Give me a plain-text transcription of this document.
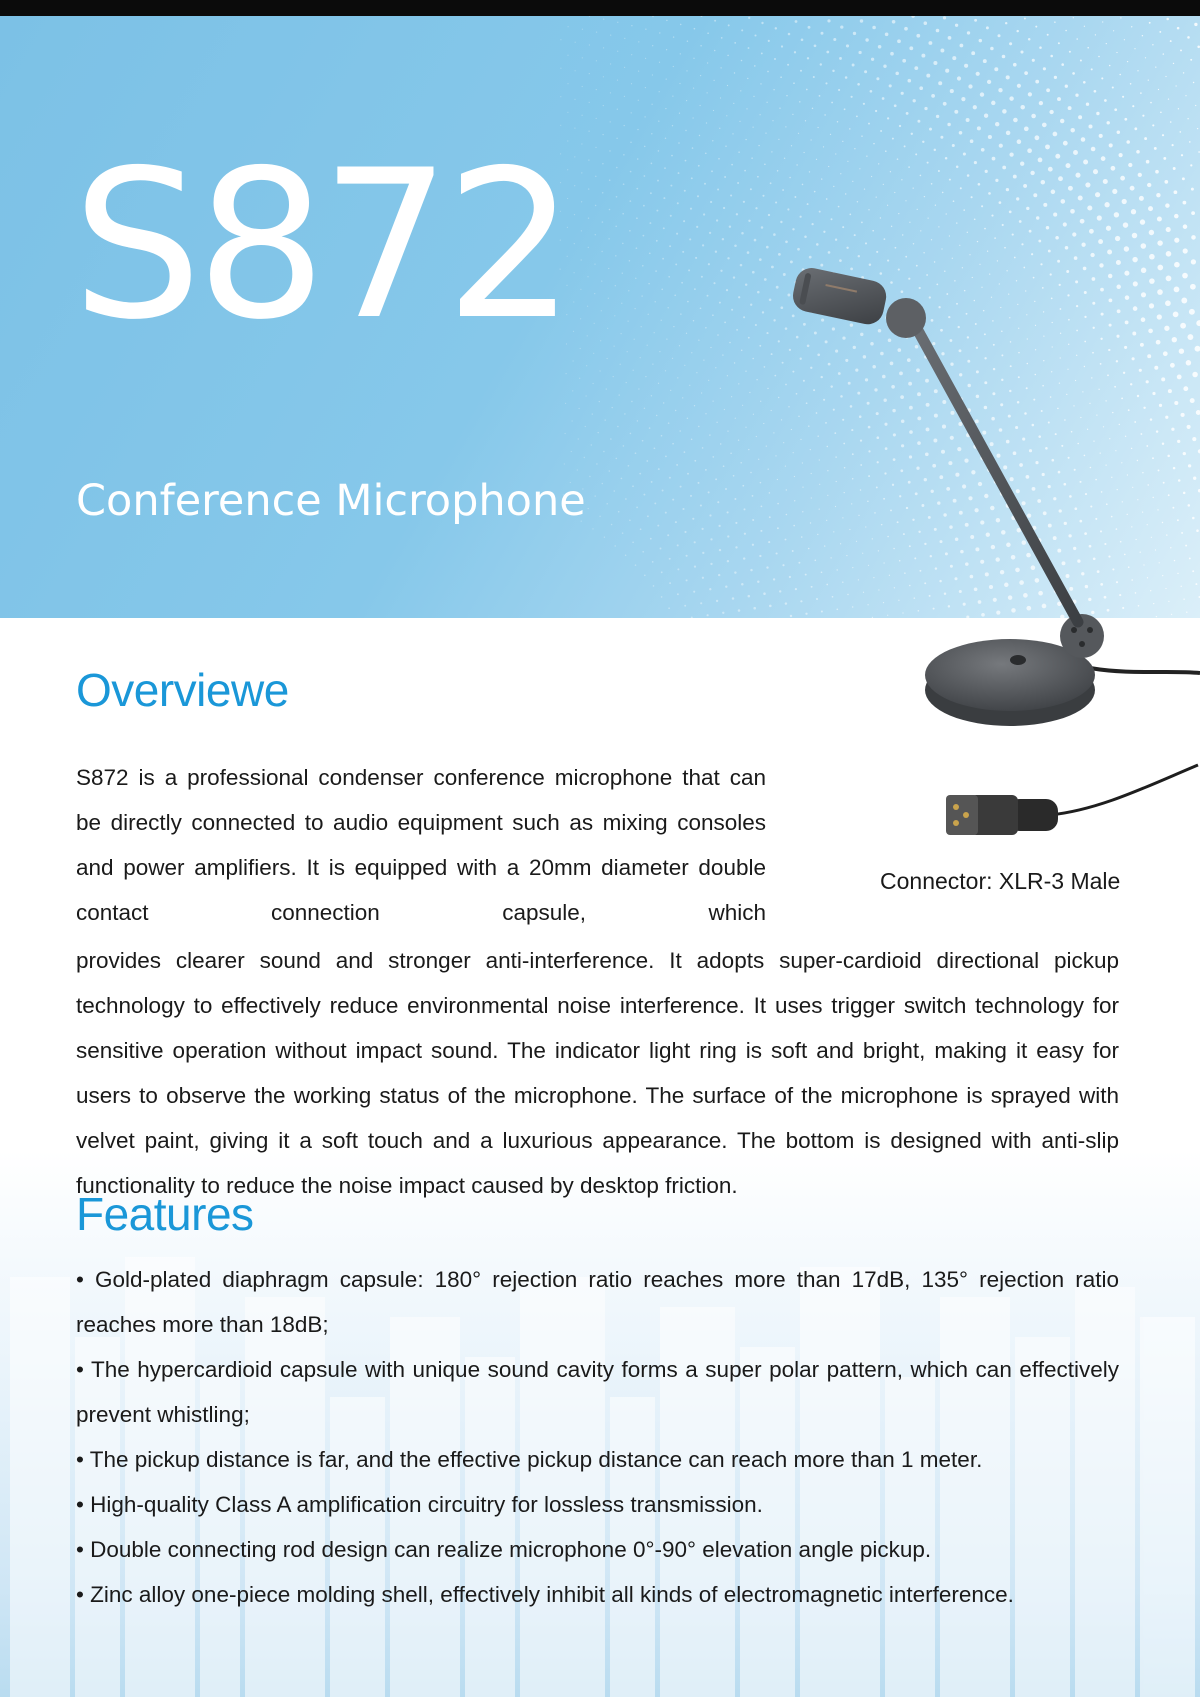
S872
Conference Microphone
Connector: XLR-3 Male
Overviewe

S872 is a professional condenser conference microphone that can be directly connected to audio equipment such as mixing consoles and power amplifiers. It is equipped with a 20mm diameter double contact connection capsule, which

provides clearer sound and stronger anti-interference. It adopts super-cardioid directional pickup technology to effectively reduce environmental noise interference. It uses trigger switch technology for sensitive operation without impact sound. The indicator light ring is soft and bright, making it easy for users to observe the working status of the microphone. The surface of the microphone is sprayed with velvet paint, giving it a soft touch and a luxurious appearance. The bottom is designed with anti-slip functionality to reduce the noise impact caused by desktop friction.

Features
• Gold-plated diaphragm capsule: 180° rejection ratio reaches more than 17dB, 135° rejection ratio reaches more than 18dB;
• The hypercardioid capsule with unique sound cavity forms a super polar pattern, which can effectively prevent whistling;
• The pickup distance is far, and the effective pickup distance can reach more than 1 meter.
• High-quality Class A amplification circuitry for lossless transmission.
• Double connecting rod design can realize microphone 0°-90° elevation angle pickup.
• Zinc alloy one-piece molding shell, effectively inhibit all kinds of electromagnetic interference.
